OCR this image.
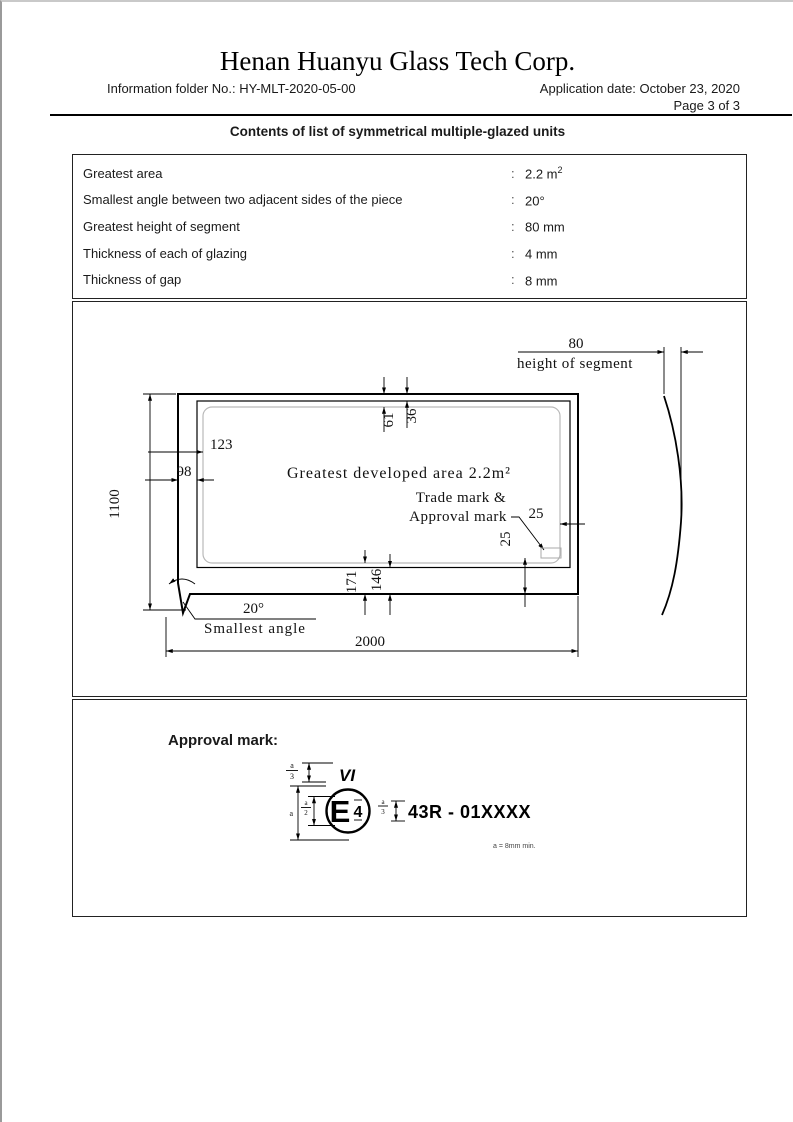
Henan Huanyu Glass Tech Corp.
Information folder No.: HY-MLT-2020-05-00	Application date: October 23, 2020
Page 3 of 3
Contents of list of symmetrical multiple-glazed units
Greatest area	: 2.2 $m^2$
Smallest angle between two adjacent sides of the piece	: 20°
Greatest height of segment	: 80 mm
Thickness of each of glazing	: 4 mm
Thickness of gap	: 8 mm
80
height of segment
61 36
123
98
1100
171 146
25
25
2000
Greatest developed area 2.2m²
Trade mark &
Approval mark
20°
Smallest angle
Approval mark:
a
3	VI
a
a
2 E 4
a
3 43R - 01XXXX
a = 8mm min.
